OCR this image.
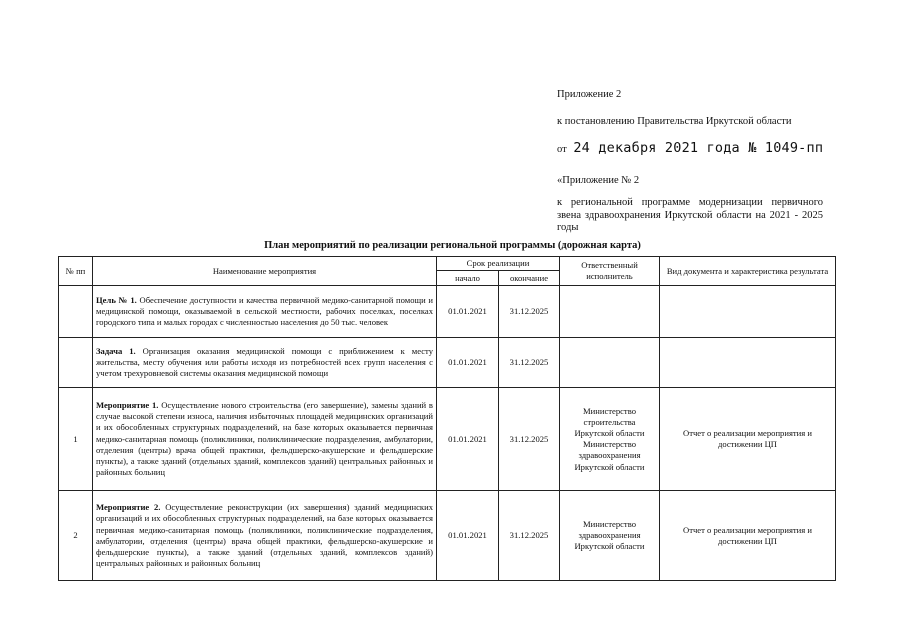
Приложение 2
к постановлению Правительства Иркутской области
от 24 декабря 2021 года № 1049-пп
«Приложение № 2
к региональной программе модернизации первичного звена здравоохранения Иркутской области на 2021 - 2025 годы
План мероприятий по реализации региональной программы (дорожная карта)
№ пп	Наименование мероприятия	Срок реализации		Ответственный исполнитель	Вид документа и характеристика результата
		начало	окончание		
	Цель № 1. Обеспечение доступности и качества первичной медико-санитарной помощи и медицинской помощи, оказываемой в сельской местности, рабочих поселках, поселках городского типа и малых городах с численностью населения до 50 тыс. человек	01.01.2021	31.12.2025		
	Задача 1. Организация оказания медицинской помощи с приближением к месту жительства, месту обучения или работы исходя из потребностей всех групп населения с учетом трехуровневой системы оказания медицинской помощи	01.01.2021	31.12.2025		
1	Мероприятие 1. Осуществление нового строительства (его завершение), замены зданий в случае высокой степени износа, наличия избыточных площадей медицинских организаций и их обособленных структурных подразделений, на базе которых оказывается первичная медико-санитарная помощь (поликлиники, поликлинические подразделения, амбулатории, отделения (центры) врача общей практики, фельдшерско-акушерские и фельдшерские пункты), а также зданий (отдельных зданий, комплексов зданий) центральных районных и районных больниц	01.01.2021	31.12.2025	Министерство строительства Иркутской области Министерство здравоохранения Иркутской области	Отчет о реализации мероприятия и достижении ЦП
2	Мероприятие 2. Осуществление реконструкции (их завершения) зданий медицинских организаций и их обособленных структурных подразделений, на базе которых оказывается первичная медико-санитарная помощь (поликлиники, поликлинические подразделения, амбулатории, отделения (центры) врача общей практики, фельдшерско-акушерские и фельдшерские пункты), а также зданий (отдельных зданий, комплексов зданий) центральных районных и районных больниц	01.01.2021	31.12.2025	Министерство здравоохранения Иркутской области	Отчет о реализации мероприятия и достижении ЦП
